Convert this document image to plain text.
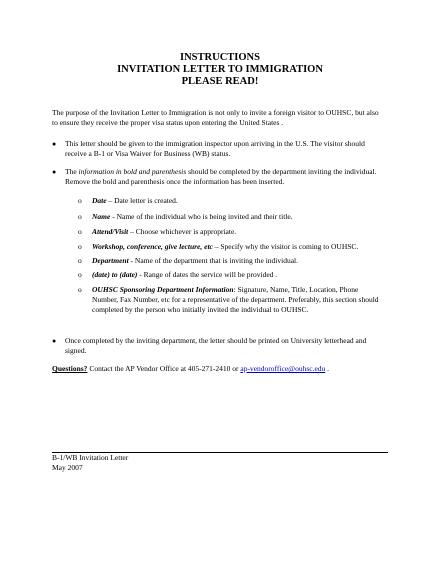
INSTRUCTIONS
INVITATION LETTER TO IMMIGRATION
PLEASE READ!
The purpose of the Invitation Letter to Immigration is not only to invite a foreign visitor to OUHSC, but also to ensure they receive the proper visa status upon entering the United States .
●	This letter should be given to the immigration inspector upon arriving in the U.S. The visitor should receive a B-1 or Visa Waiver for Business (WB) status.
●	The information in bold and parenthesis should be completed by the department inviting the individual. Remove the bold and parenthesis once the information has been inserted.
o	Date – Date letter is created.
o	Name - Name of the individual who is being invited and their title.
o	Attend/Visit – Choose whichever is appropriate.
o	Workshop, conference, give lecture, etc – Specify why the visitor is coming to OUHSC.
o	Department - Name of the department that is inviting the individual.
o	(date) to (date) - Range of dates the service will be provided .
o	OUHSC Sponsoring Department Information: Signature, Name, Title, Location, Phone Number, Fax Number, etc for a representative of the department. Preferably, this section should completed by the person who initially invited the individual to OUHSC.
●	Once completed by the inviting department, the letter should be printed on University letterhead and signed.
Questions? Contact the AP Vendor Office at 405-271-2410 or ap-vendoroffice@ouhsc.edu .
B-1/WB Invitation Letter
May 2007
